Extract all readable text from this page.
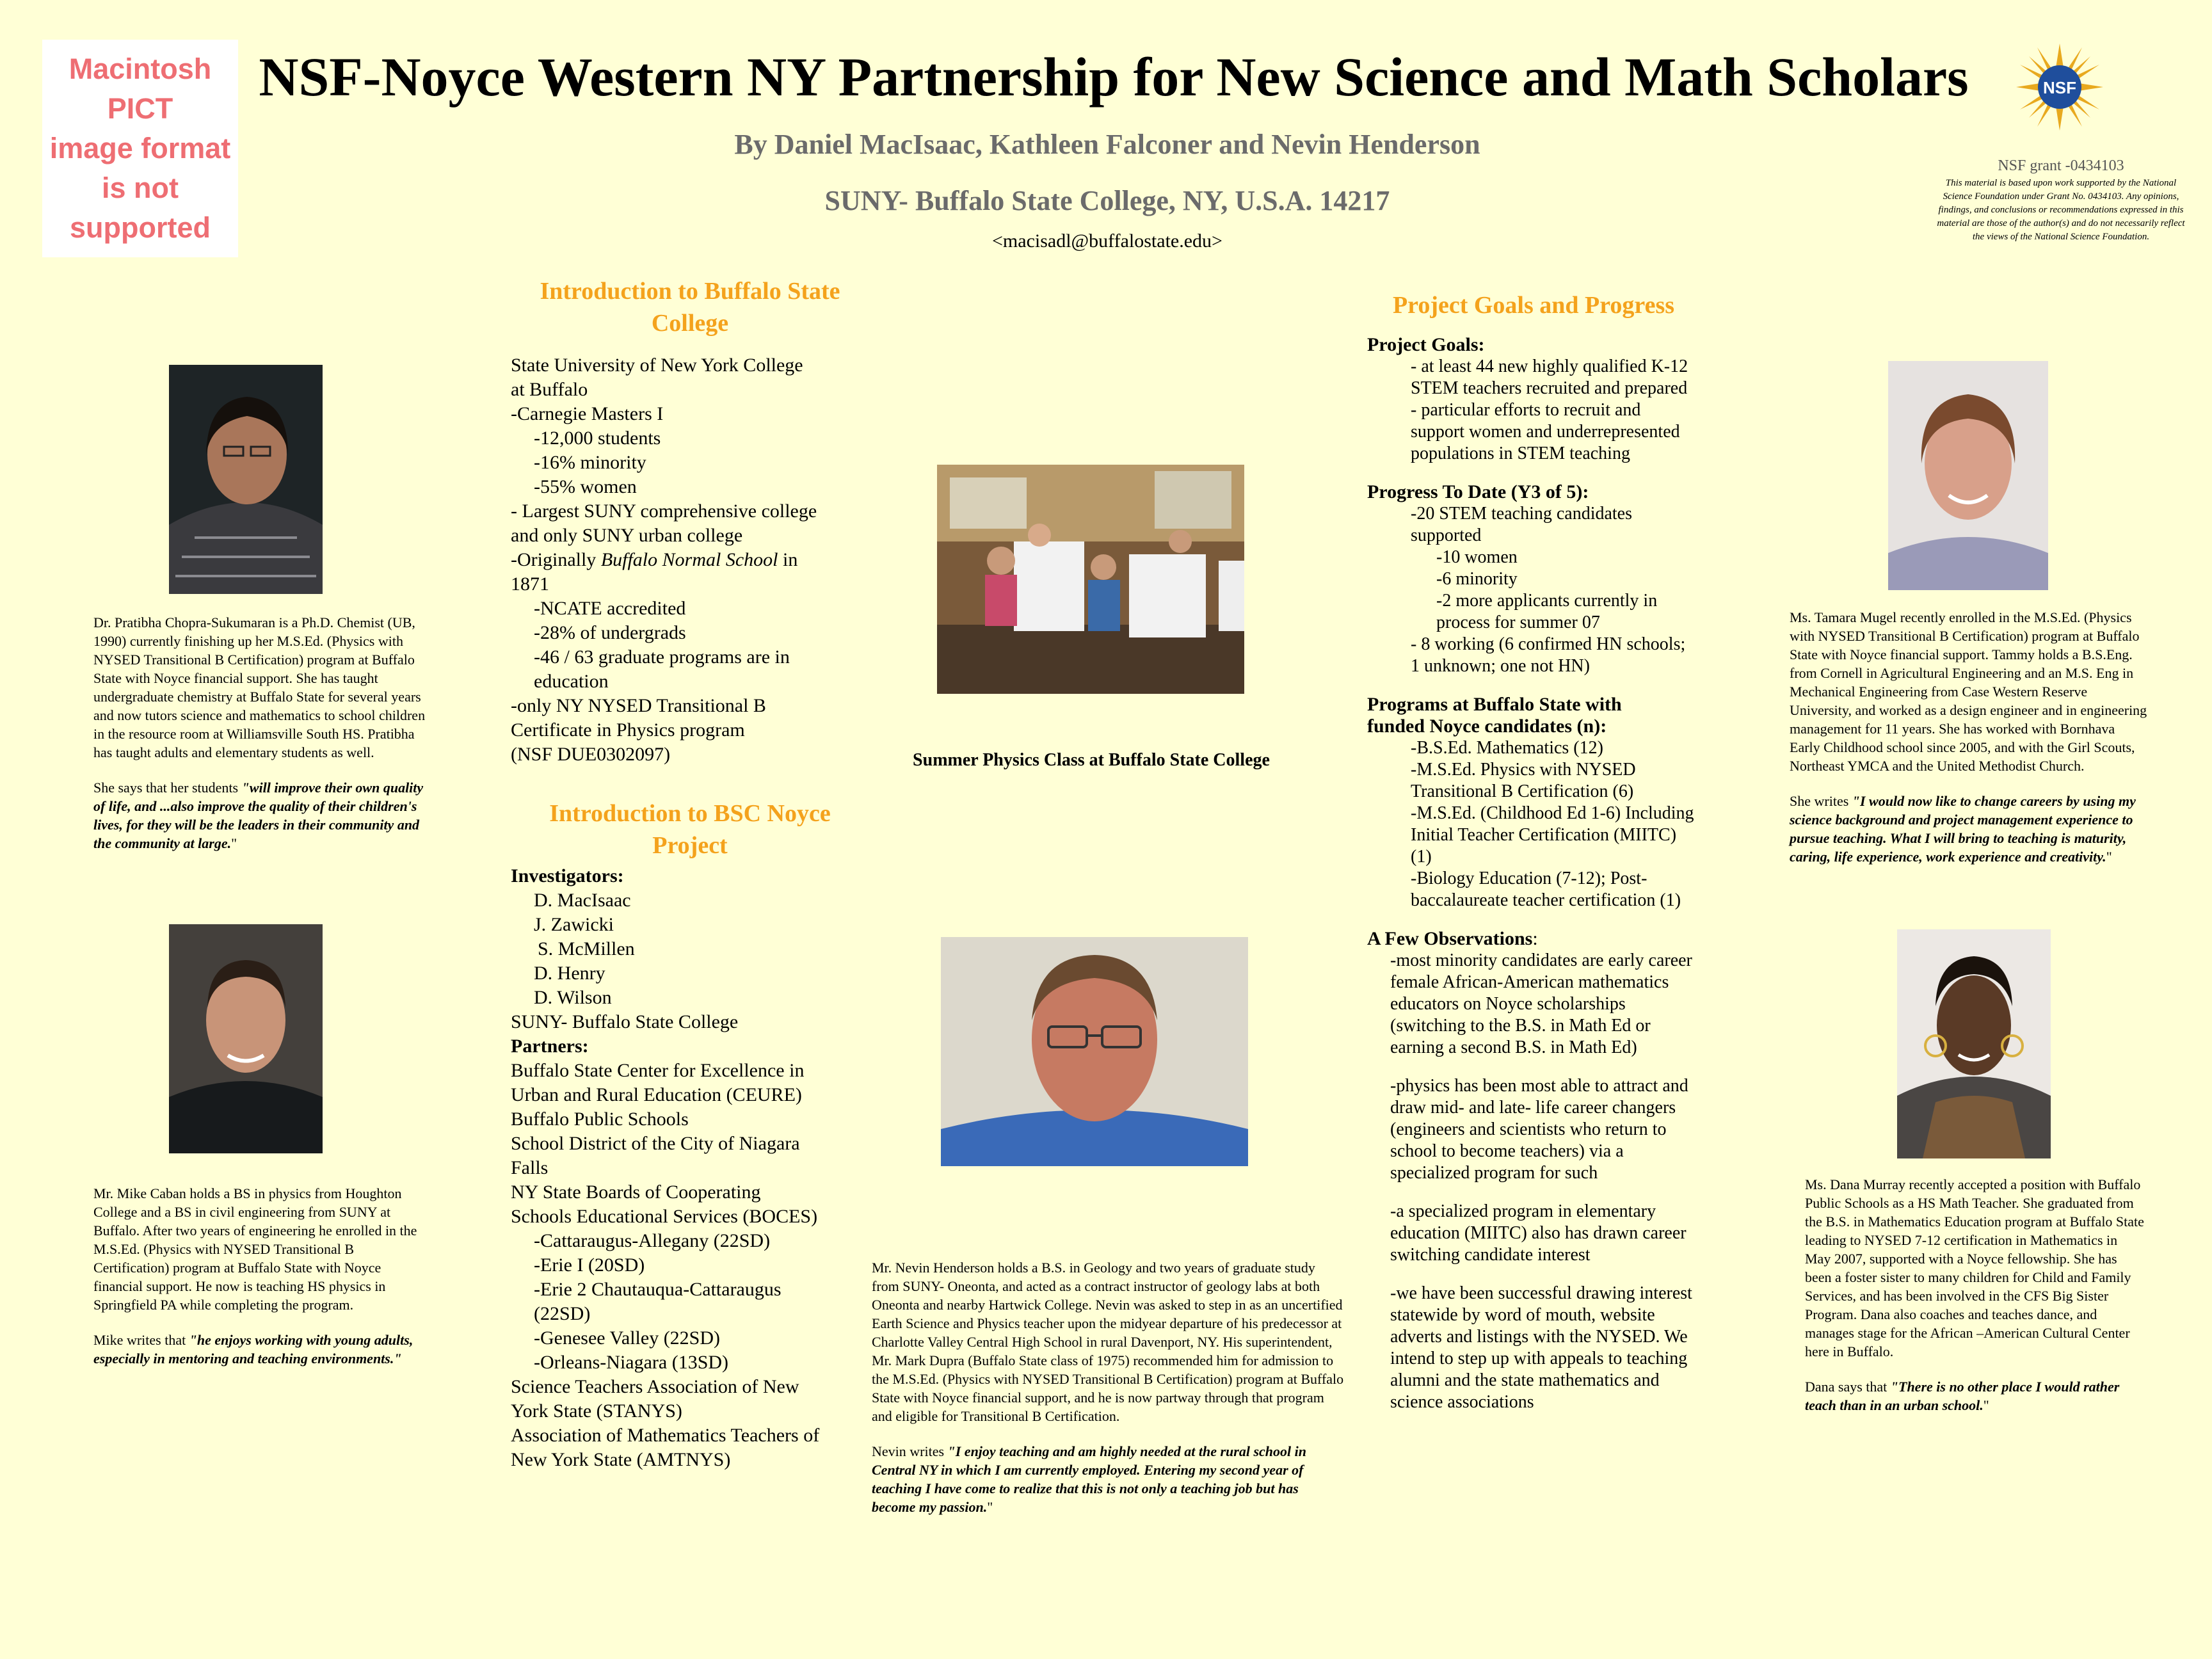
Macintosh PICT
image format
is not supported
NSF-Noyce Western NY Partnership for New Science and Math Scholars
By Daniel MacIsaac, Kathleen Falconer and Nevin Henderson
SUNY- Buffalo State College, NY, U.S.A. 14217
<macisadl@buffalostate.edu>
NSF
NSF grant -0434103
This material is based upon work supported by the National Science Foundation under Grant No. 0434103. Any opinions, findings, and conclusions or recommendations expressed in this material are those of the author(s) and do not necessarily reflect the views of the National Science Foundation.
Dr. Pratibha Chopra-Sukumaran is a Ph.D. Chemist (UB, 1990) currently finishing up her M.S.Ed. (Physics with NYSED Transitional B Certification) program at Buffalo State with Noyce financial support. She has taught undergraduate chemistry at Buffalo State for several years and now tutors science and mathematics to school children in the resource room at Williamsville South HS. Pratibha has taught adults and elementary students as well.
She says that her students "will improve their own quality of life, and ...also improve the quality of their children's lives, for they will be the leaders in their community and the community at large."
Mr. Mike Caban holds a BS in physics from Houghton College and a BS in civil engineering from SUNY at Buffalo. After two years of engineering he enrolled in the M.S.Ed. (Physics with NYSED Transitional B Certification) program at Buffalo State with Noyce financial support. He now is teaching HS physics in Springfield PA while completing the program.
Mike writes that "he enjoys working with young adults, especially in mentoring and teaching environments."
Introduction to Buffalo State College
State University of New York College
at Buffalo
-Carnegie Masters I
-12,000 students
-16% minority
-55% women
- Largest SUNY comprehensive college
and only SUNY urban college
-Originally Buffalo Normal School in
1871
-NCATE accredited
-28% of undergrads
-46 / 63 graduate programs are in
education
-only NY NYSED Transitional B
Certificate in Physics program
(NSF DUE0302097)
Introduction to BSC Noyce Project
Investigators:
D. MacIsaac
J. Zawicki
S. McMillen
D. Henry
D. Wilson
SUNY- Buffalo State College
Partners:
Buffalo State Center for Excellence in
Urban and Rural Education (CEURE)
Buffalo Public Schools
School District of the City of Niagara
Falls
NY State Boards of Cooperating
Schools Educational Services (BOCES)
-Cattaraugus-Allegany (22SD)
-Erie I (20SD)
-Erie 2 Chautauqua-Cattaraugus
(22SD)
-Genesee Valley (22SD)
-Orleans-Niagara (13SD)
Science Teachers Association of New
York State (STANYS)
Association of Mathematics Teachers of
New York State (AMTNYS)
Summer Physics Class at Buffalo State College
Mr. Nevin Henderson holds a B.S. in Geology and two years of graduate study from SUNY- Oneonta, and acted as a contract instructor of geology labs at both Oneonta and nearby Hartwick College. Nevin was asked to step in as an uncertified Earth Science and Physics teacher upon the midyear departure of his predecessor at Charlotte Valley Central High School in rural Davenport, NY. His superintendent, Mr. Mark Dupra (Buffalo State class of 1975) recommended him for admission to the M.S.Ed. (Physics with NYSED Transitional B Certification) program at Buffalo State with Noyce financial support, and he is now partway through that program and eligible for Transitional B Certification.
Nevin writes "I enjoy teaching and am highly needed at the rural school in Central NY in which I am currently employed. Entering my second year of teaching I have come to realize that this is not only a teaching job but has become my passion."
Project Goals and Progress
Project Goals:
- at least 44 new highly qualified K-12
STEM teachers recruited and prepared
- particular efforts to recruit and
support women and underrepresented
populations in STEM teaching
Progress To Date (Y3 of 5):
-20 STEM teaching candidates
supported
-10 women
-6 minority
-2 more applicants currently in
process for summer 07
- 8 working (6 confirmed HN schools;
1 unknown; one not HN)
Programs at Buffalo State with
funded Noyce candidates (n):
-B.S.Ed. Mathematics (12)
-M.S.Ed. Physics with NYSED
Transitional B Certification (6)
-M.S.Ed. (Childhood Ed 1-6) Including
Initial Teacher Certification (MIITC)
(1)
-Biology Education (7-12); Post-
baccalaureate teacher certification (1)
A Few Observations:
-most minority candidates are early career
female African-American mathematics
educators on Noyce scholarships
(switching to the B.S. in Math Ed or
earning a second B.S. in Math Ed)
-physics has been most able to attract and
draw mid- and late- life career changers
(engineers and scientists who return to
school to become teachers) via a
specialized program for such
-a specialized program in elementary
education (MIITC) also has drawn career
switching candidate interest
-we have been successful drawing interest
statewide by word of mouth, website
adverts and listings with the NYSED. We
intend to step up with appeals to teaching
alumni and the state mathematics and
science associations
Ms. Tamara Mugel recently enrolled in the M.S.Ed. (Physics with NYSED Transitional B Certification) program at Buffalo State with Noyce financial support. Tammy holds a B.S.Eng. from Cornell in Agricultural Engineering and an M.S. Eng in Mechanical Engineering from Case Western Reserve University, and worked as a design engineer and in engineering management for 11 years. She has worked with Bornhava Early Childhood school since 2005, and with the Girl Scouts, Northeast YMCA and the United Methodist Church.
She writes "I would now like to change careers by using my science background and project management experience to pursue teaching. What I will bring to teaching is maturity, caring, life experience, work experience and creativity."
Ms. Dana Murray recently accepted a position with Buffalo Public Schools as a HS Math Teacher. She graduated from the B.S. in Mathematics Education program at Buffalo State leading to NYSED 7-12 certification in Mathematics in May 2007, supported with a Noyce fellowship. She has been a foster sister to many children for Child and Family Services, and has been involved in the CFS Big Sister Program. Dana also coaches and teaches dance, and manages stage for the African –American Cultural Center here in Buffalo.
Dana says that "There is no other place I would rather teach than in an urban school."
